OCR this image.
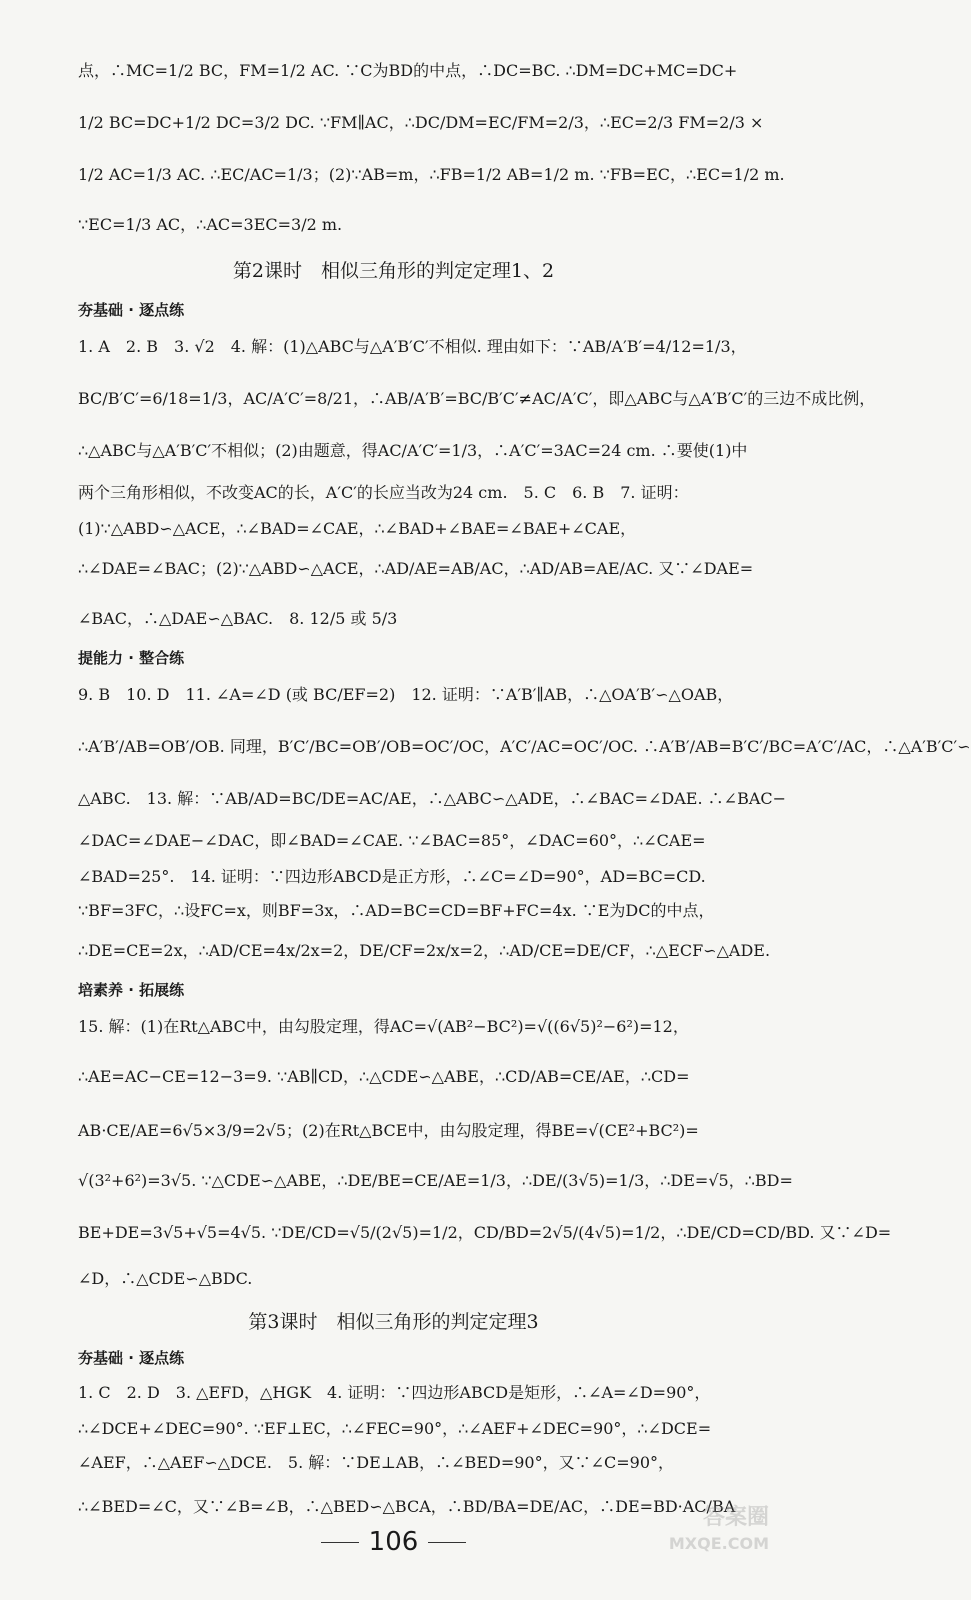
点，∴MC=1/2 BC，FM=1/2 AC. ∵C为BD的中点，∴DC=BC. ∴DM=DC+MC=DC+
1/2 BC=DC+1/2 DC=3/2 DC. ∵FM∥AC，∴DC/DM=EC/FM=2/3，∴EC=2/3 FM=2/3 ×
1/2 AC=1/3 AC. ∴EC/AC=1/3；(2)∵AB=m，∴FB=1/2 AB=1/2 m. ∵FB=EC，∴EC=1/2 m.
∵EC=1/3 AC，∴AC=3EC=3/2 m.
第2课时　相似三角形的判定定理1、2
夯基础 · 逐点练
1. A　2. B　3. √2　4. 解：(1)△ABC与△A′B′C′不相似. 理由如下：∵AB/A′B′=4/12=1/3，
BC/B′C′=6/18=1/3，AC/A′C′=8/21，∴AB/A′B′=BC/B′C′≠AC/A′C′，即△ABC与△A′B′C′的三边不成比例，
∴△ABC与△A′B′C′不相似；(2)由题意，得AC/A′C′=1/3，∴A′C′=3AC=24 cm. ∴要使(1)中
两个三角形相似，不改变AC的长，A′C′的长应当改为24 cm.　5. C　6. B　7. 证明：
(1)∵△ABD∽△ACE，∴∠BAD=∠CAE，∴∠BAD+∠BAE=∠BAE+∠CAE，
∴∠DAE=∠BAC；(2)∵△ABD∽△ACE，∴AD/AE=AB/AC，∴AD/AB=AE/AC. 又∵∠DAE=
∠BAC，∴△DAE∽△BAC.　8. 12/5 或 5/3
提能力 · 整合练
9. B　10. D　11. ∠A=∠D (或 BC/EF=2)　12. 证明：∵A′B′∥AB，∴△OA′B′∽△OAB，
∴A′B′/AB=OB′/OB. 同理，B′C′/BC=OB′/OB=OC′/OC，A′C′/AC=OC′/OC. ∴A′B′/AB=B′C′/BC=A′C′/AC，∴△A′B′C′∽
△ABC.　13. 解：∵AB/AD=BC/DE=AC/AE，∴△ABC∽△ADE，∴∠BAC=∠DAE. ∴∠BAC−
∠DAC=∠DAE−∠DAC，即∠BAD=∠CAE. ∵∠BAC=85°，∠DAC=60°，∴∠CAE=
∠BAD=25°.　14. 证明：∵四边形ABCD是正方形，∴∠C=∠D=90°，AD=BC=CD.
∵BF=3FC，∴设FC=x，则BF=3x，∴AD=BC=CD=BF+FC=4x. ∵E为DC的中点，
∴DE=CE=2x，∴AD/CE=4x/2x=2，DE/CF=2x/x=2，∴AD/CE=DE/CF，∴△ECF∽△ADE.
培素养 · 拓展练
15. 解：(1)在Rt△ABC中，由勾股定理，得AC=√(AB²−BC²)=√((6√5)²−6²)=12，
∴AE=AC−CE=12−3=9. ∵AB∥CD，∴△CDE∽△ABE，∴CD/AB=CE/AE，∴CD=
AB·CE/AE=6√5×3/9=2√5；(2)在Rt△BCE中，由勾股定理，得BE=√(CE²+BC²)=
√(3²+6²)=3√5. ∵△CDE∽△ABE，∴DE/BE=CE/AE=1/3，∴DE/(3√5)=1/3，∴DE=√5，∴BD=
BE+DE=3√5+√5=4√5. ∵DE/CD=√5/(2√5)=1/2，CD/BD=2√5/(4√5)=1/2，∴DE/CD=CD/BD. 又∵∠D=
∠D，∴△CDE∽△BDC.
第3课时　相似三角形的判定定理3
夯基础 · 逐点练
1. C　2. D　3. △EFD，△HGK　4. 证明：∵四边形ABCD是矩形，∴∠A=∠D=90°，
∴∠DCE+∠DEC=90°. ∵EF⊥EC，∴∠FEC=90°，∴∠AEF+∠DEC=90°，∴∠DCE=
∠AEF，∴△AEF∽△DCE.　5. 解：∵DE⊥AB，∴∠BED=90°，又∵∠C=90°，
∴∠BED=∠C，又∵∠B=∠B，∴△BED∽△BCA，∴BD/BA=DE/AC，∴DE=BD·AC/BA
106
答案圈
MXQE.COM
